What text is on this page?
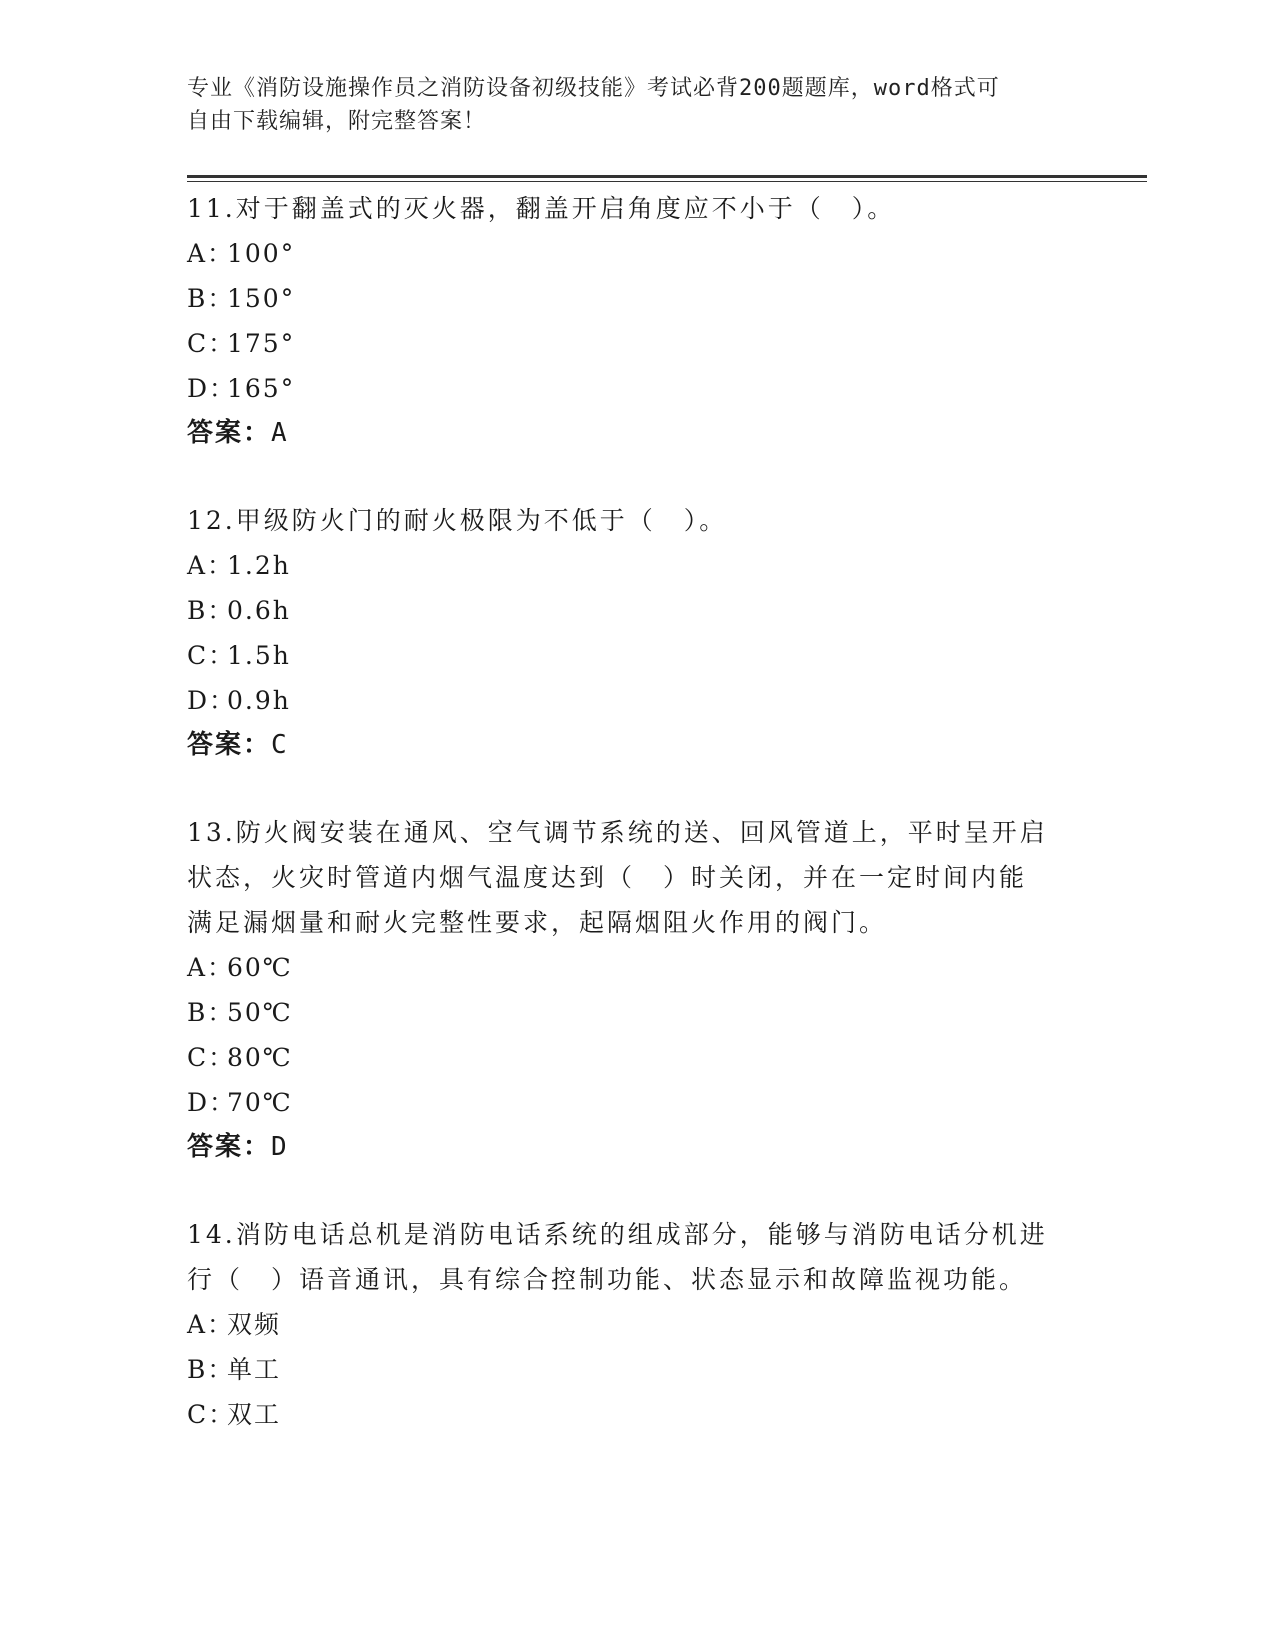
专业《消防设施操作员之消防设备初级技能》考试必背200题题库，word格式可
自由下载编辑，附完整答案！
11.对于翻盖式的灭火器，翻盖开启角度应不小于（　）。
A：100°
B：150°
C：175°
D：165°
答案：A
12.甲级防火门的耐火极限为不低于（　）。
A：1.2h
B：0.6h
C：1.5h
D：0.9h
答案：C
13.防火阀安装在通风、空气调节系统的送、回风管道上，平时呈开启
状态，火灾时管道内烟气温度达到（　）时关闭，并在一定时间内能
满足漏烟量和耐火完整性要求，起隔烟阻火作用的阀门。
A：60℃
B：50℃
C：80℃
D：70℃
答案：D
14.消防电话总机是消防电话系统的组成部分，能够与消防电话分机进
行（　）语音通讯，具有综合控制功能、状态显示和故障监视功能。
A：双频
B：单工
C：双工
